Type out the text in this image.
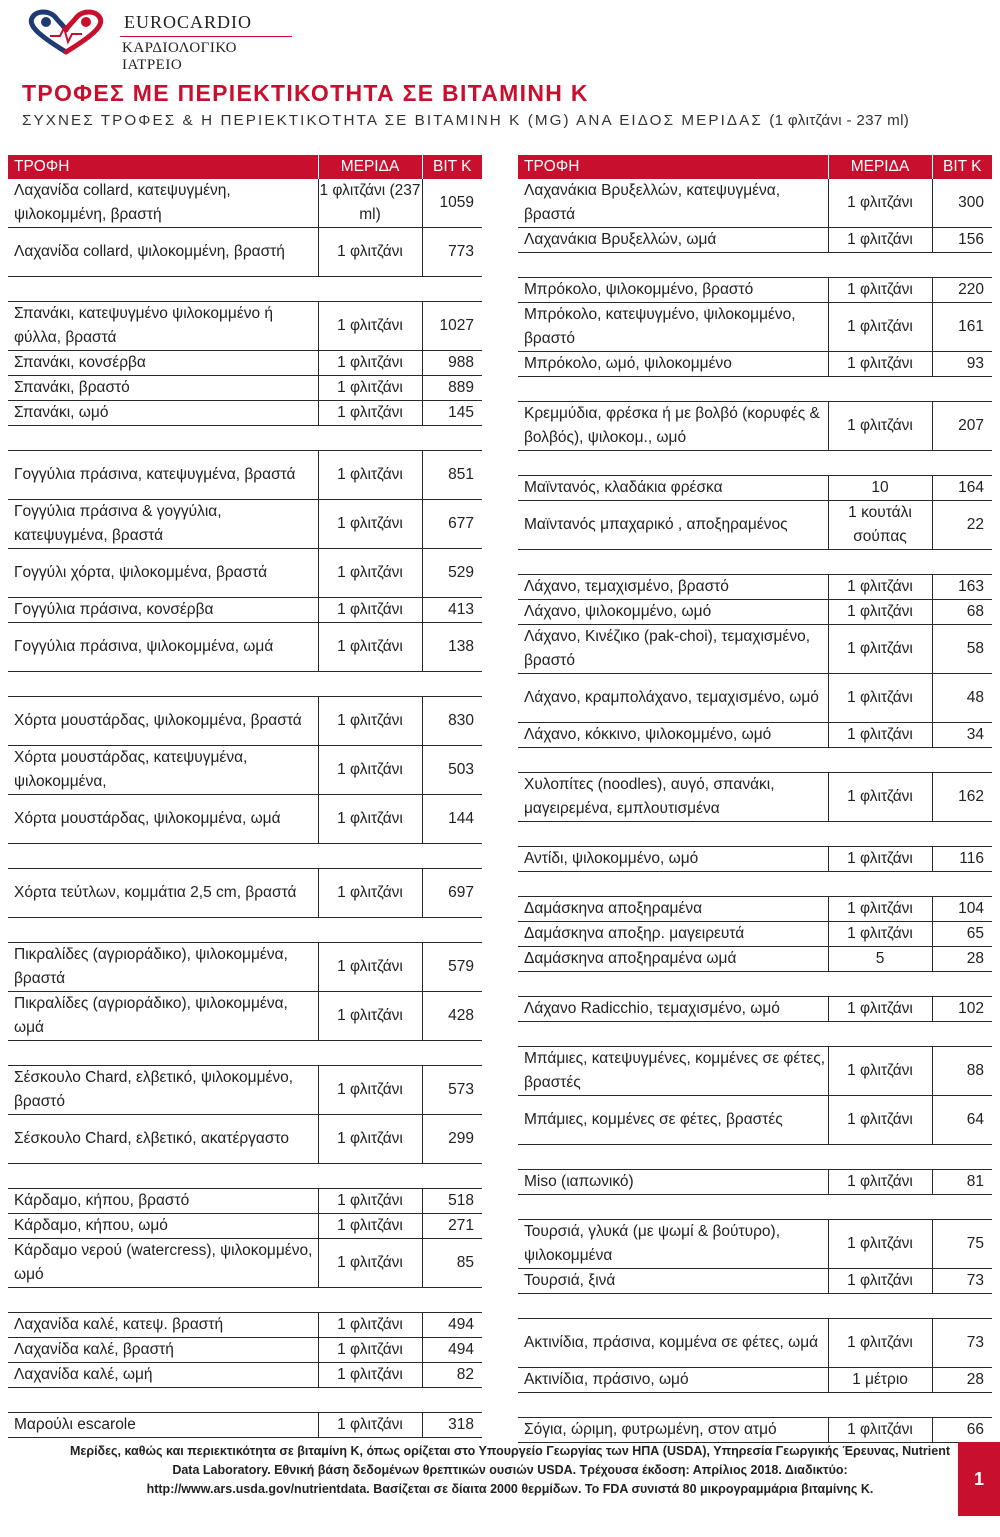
EUROCARDIO
ΚΑΡΔΙΟΛΟΓΙΚΟ ΙΑΤΡΕΙΟ
ΤΡΟΦΕΣ ΜΕ ΠΕΡΙΕΚΤΙΚΟΤΗΤΑ ΣΕ ΒΙΤΑΜΙΝΗ Κ
ΣΥΧΝΕΣ ΤΡΟΦΕΣ & Η ΠΕΡΙΕΚΤΙΚΟΤΗΤΑ ΣΕ ΒΙΤΑΜΙΝΗ Κ (MG) ΑΝΑ ΕΙΔΟΣ ΜΕΡΙΔΑΣ (1 φλιτζάνι - 237 ml)
ΤΡΟΦΗ	ΜΕΡΙΔΑ	ΒΙΤ Κ
Λαχανίδα collard, κατεψυγμένη, ψιλοκομμένη, βραστή	1 φλιτζάνι (237 ml)	1059
Λαχανίδα collard, ψιλοκομμένη, βραστή	1 φλιτζάνι	773

Σπανάκι, κατεψυγμένο ψιλοκομμένο ή φύλλα, βραστά	1 φλιτζάνι	1027
Σπανάκι, κονσέρβα	1 φλιτζάνι	988
Σπανάκι, βραστό	1 φλιτζάνι	889
Σπανάκι, ωμό	1 φλιτζάνι	145

Γογγύλια πράσινα, κατεψυγμένα, βραστά	1 φλιτζάνι	851
Γογγύλια πράσινα & γογγύλια, κατεψυγμένα, βραστά	1 φλιτζάνι	677
Γογγύλι χόρτα, ψιλοκομμένα, βραστά	1 φλιτζάνι	529
Γογγύλια πράσινα, κονσέρβα	1 φλιτζάνι	413
Γογγύλια πράσινα, ψιλοκομμένα, ωμά	1 φλιτζάνι	138

Χόρτα μουστάρδας, ψιλοκομμένα, βραστά	1 φλιτζάνι	830
Χόρτα μουστάρδας, κατεψυγμένα, ψιλοκομμένα,	1 φλιτζάνι	503
Χόρτα μουστάρδας, ψιλοκομμένα, ωμά	1 φλιτζάνι	144

Χόρτα τεύτλων, κομμάτια 2,5 cm, βραστά	1 φλιτζάνι	697

Πικραλίδες (αγριοράδικο), ψιλοκομμένα, βραστά	1 φλιτζάνι	579
Πικραλίδες (αγριοράδικο), ψιλοκομμένα, ωμά	1 φλιτζάνι	428

Σέσκουλο Chard, ελβετικό, ψιλοκομμένο, βραστό	1 φλιτζάνι	573
Σέσκουλο Chard, ελβετικό, ακατέργαστο	1 φλιτζάνι	299

Κάρδαμο, κήπου, βραστό	1 φλιτζάνι	518
Κάρδαμο, κήπου, ωμό	1 φλιτζάνι	271
Κάρδαμο νερού (watercress), ψιλοκομμένο, ωμό	1 φλιτζάνι	85

Λαχανίδα καλέ, κατεψ. βραστή	1 φλιτζάνι	494
Λαχανίδα καλέ, βραστή	1 φλιτζάνι	494
Λαχανίδα καλέ, ωμή	1 φλιτζάνι	82

Μαρούλι escarole	1 φλιτζάνι	318
ΤΡΟΦΗ	ΜΕΡΙΔΑ	ΒΙΤ Κ
Λαχανάκια Βρυξελλών, κατεψυγμένα, βραστά	1 φλιτζάνι	300
Λαχανάκια Βρυξελλών, ωμά	1 φλιτζάνι	156

Μπρόκολο, ψιλοκομμένο, βραστό	1 φλιτζάνι	220
Μπρόκολο, κατεψυγμένο, ψιλοκομμένο, βραστό	1 φλιτζάνι	161
Μπρόκολο, ωμό, ψιλοκομμένο	1 φλιτζάνι	93

Κρεμμύδια, φρέσκα ή με βολβό (κορυφές & βολβός), ψιλοκομ., ωμό	1 φλιτζάνι	207

Μαϊντανός, κλαδάκια φρέσκα	10	164
Μαϊντανός μπαχαρικό , αποξηραμένος	1 κουτάλι σούπας	22

Λάχανο, τεμαχισμένο, βραστό	1 φλιτζάνι	163
Λάχανο, ψιλοκομμένο, ωμό	1 φλιτζάνι	68
Λάχανο, Κινέζικο (pak-choi), τεμαχισμένο, βραστό	1 φλιτζάνι	58
Λάχανο, κραμπολάχανο, τεμαχισμένο, ωμό	1 φλιτζάνι	48
Λάχανο, κόκκινο, ψιλοκομμένο, ωμό	1 φλιτζάνι	34

Χυλοπίτες (noodles), αυγό, σπανάκι, μαγειρεμένα, εμπλουτισμένα	1 φλιτζάνι	162

Αντίδι, ψιλοκομμένο, ωμό	1 φλιτζάνι	116

Δαμάσκηνα αποξηραμένα	1 φλιτζάνι	104
Δαμάσκηνα αποξηρ. μαγειρευτά	1 φλιτζάνι	65
Δαμάσκηνα αποξηραμένα ωμά	5	28

Λάχανο Radicchio, τεμαχισμένο, ωμό	1 φλιτζάνι	102

Μπάμιες, κατεψυγμένες, κομμένες σε φέτες, βραστές	1 φλιτζάνι	88
Μπάμιες, κομμένες σε φέτες, βραστές	1 φλιτζάνι	64

Miso (ιαπωνικό)	1 φλιτζάνι	81

Τουρσιά, γλυκά (με ψωμί & βούτυρο), ψιλοκομμένα	1 φλιτζάνι	75
Τουρσιά, ξινά	1 φλιτζάνι	73

Ακτινίδια, πράσινα, κομμένα σε φέτες, ωμά	1 φλιτζάνι	73
Ακτινίδια, πράσινο, ωμό	1 μέτριο	28

Σόγια, ώριμη, φυτρωμένη, στον ατμό	1 φλιτζάνι	66
Μερίδες, καθώς και περιεκτικότητα σε βιταμίνη Κ, όπως ορίζεται στο Υπουργείο Γεωργίας των ΗΠΑ (USDA), Υπηρεσία Γεωργικής Έρευνας, Nutrient Data Laboratory. Εθνική βάση δεδομένων θρεπτικών ουσιών USDA. Τρέχουσα έκδοση: Απρίλιος 2018. Διαδικτύο: http://www.ars.usda.gov/nutrientdata. Βασίζεται σε δίαιτα 2000 θερμίδων. Το FDA συνιστά 80 μικρογραμμάρια βιταμίνης Κ.
1
